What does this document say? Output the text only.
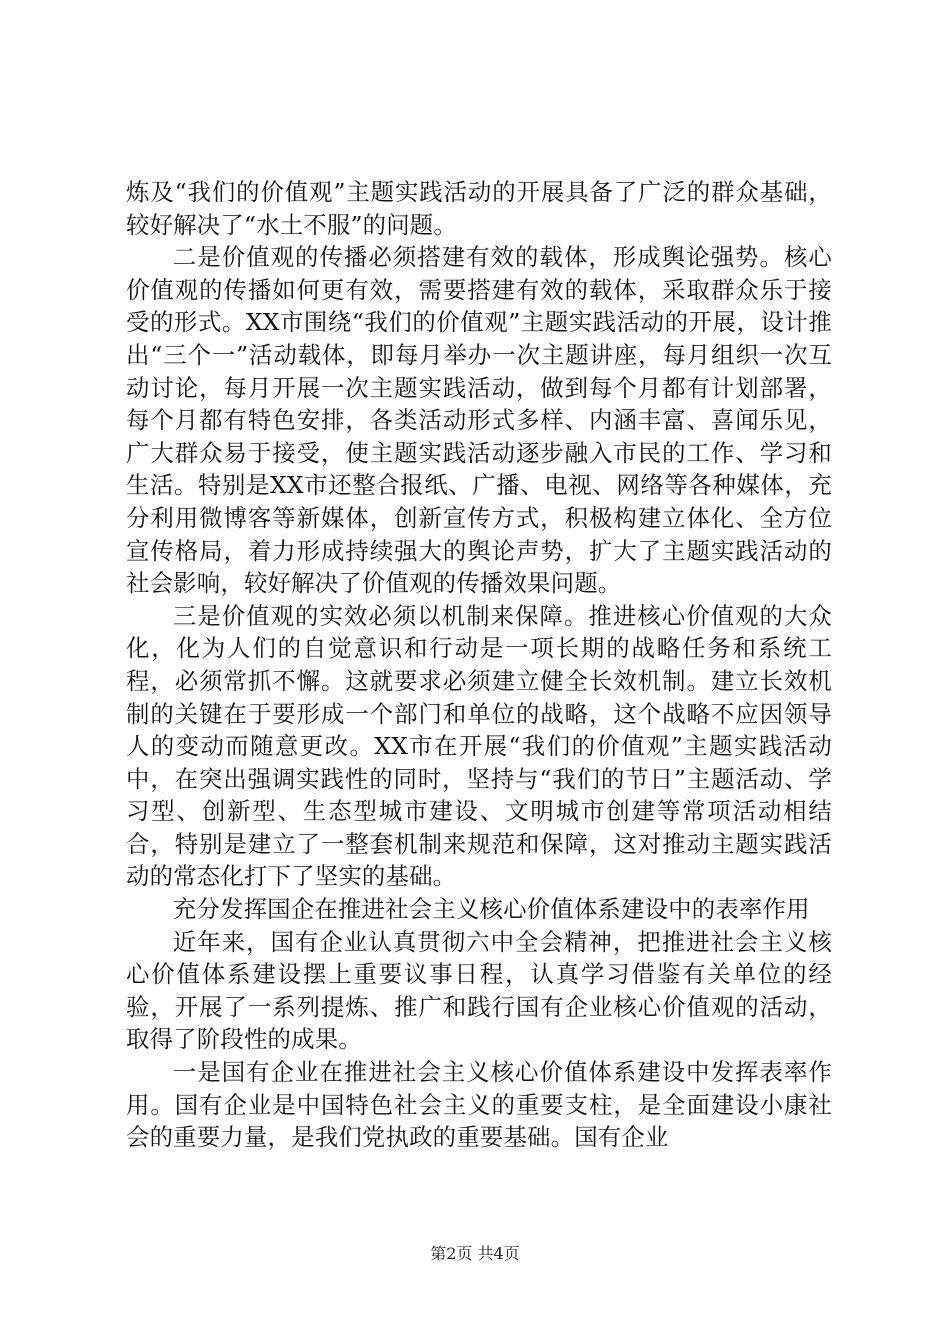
炼及“我们的价值观”主题实践活动的开展具备了广泛的群众基础，较好解决了“水土不服”的问题。

二是价值观的传播必须搭建有效的载体，形成舆论强势。核心价值观的传播如何更有效，需要搭建有效的载体，采取群众乐于接受的形式。XX市围绕“我们的价值观”主题实践活动的开展，设计推出“三个一”活动载体，即每月举办一次主题讲座，每月组织一次互动讨论，每月开展一次主题实践活动，做到每个月都有计划部署，每个月都有特色安排，各类活动形式多样、内涵丰富、喜闻乐见，广大群众易于接受，使主题实践活动逐步融入市民的工作、学习和生活。特别是XX市还整合报纸、广播、电视、网络等各种媒体，充分利用微博客等新媒体，创新宣传方式，积极构建立体化、全方位宣传格局，着力形成持续强大的舆论声势，扩大了主题实践活动的社会影响，较好解决了价值观的传播效果问题。

三是价值观的实效必须以机制来保障。推进核心价值观的大众化，化为人们的自觉意识和行动是一项长期的战略任务和系统工程，必须常抓不懈。这就要求必须建立健全长效机制。建立长效机制的关键在于要形成一个部门和单位的战略，这个战略不应因领导人的变动而随意更改。XX市在开展“我们的价值观”主题实践活动中，在突出强调实践性的同时，坚持与“我们的节日”主题活动、学习型、创新型、生态型城市建设、文明城市创建等常项活动相结合，特别是建立了一整套机制来规范和保障，这对推动主题实践活动的常态化打下了坚实的基础。

充分发挥国企在推进社会主义核心价值体系建设中的表率作用

近年来，国有企业认真贯彻六中全会精神，把推进社会主义核心价值体系建设摆上重要议事日程，认真学习借鉴有关单位的经验，开展了一系列提炼、推广和践行国有企业核心价值观的活动，取得了阶段性的成果。

一是国有企业在推进社会主义核心价值体系建设中发挥表率作用。国有企业是中国特色社会主义的重要支柱，是全面建设小康社会的重要力量，是我们党执政的重要基础。国有企业

第2页 共4页
